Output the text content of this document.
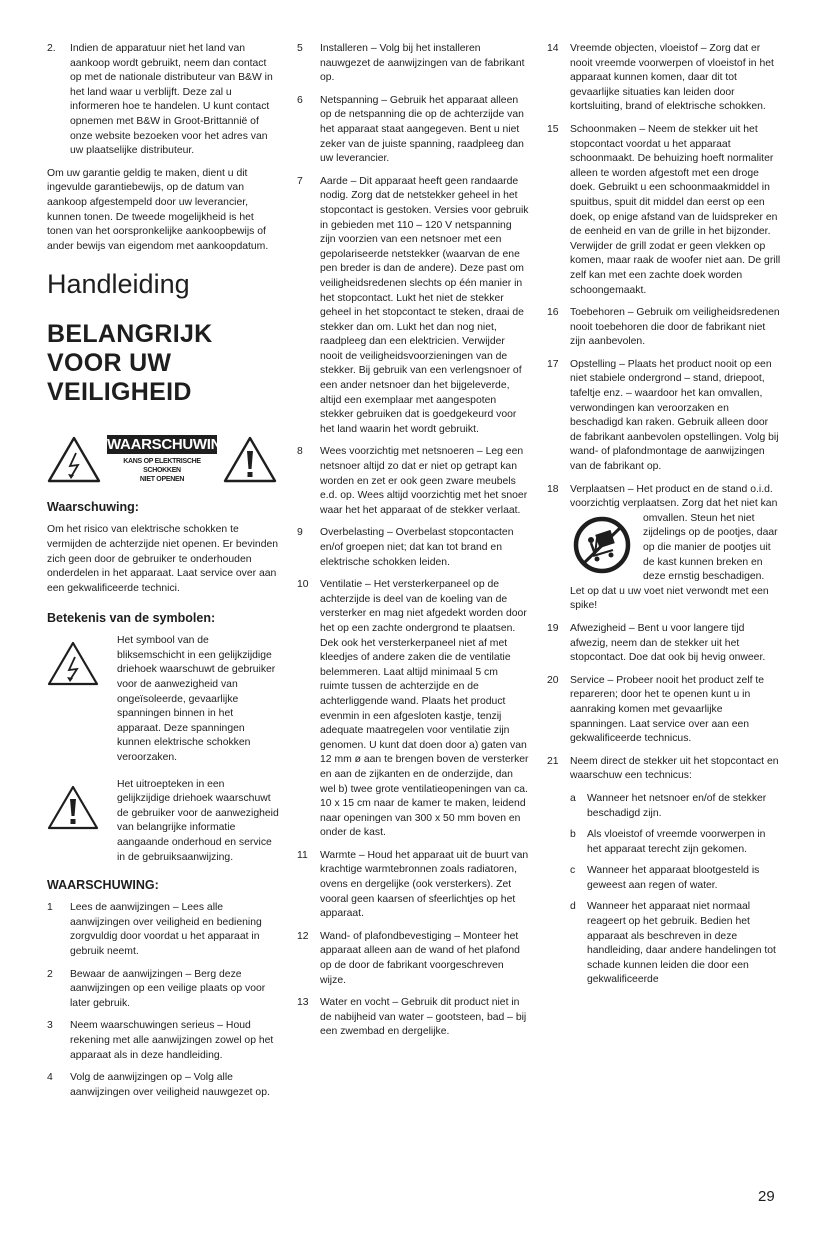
2.	Indien de apparatuur niet het land van aankoop wordt gebruikt, neem dan contact op met de nationale distributeur van B&W in het land waar u verblijft. Deze zal u informeren hoe te handelen. U kunt contact opnemen met B&W in Groot-Brittannië of onze website bezoeken voor het adres van uw plaatselijke distributeur.

Om uw garantie geldig te maken, dient u dit ingevulde garantiebewijs, op de datum van aankoop afgestempeld door uw leverancier, kunnen tonen. De tweede mogelijkheid is het tonen van het oorspronkelijke aankoopbewijs of ander bewijs van eigendom met aankoopdatum.

Handleiding
BELANGRIJK VOOR UW VEILIGHEID
WAARSCHUWING
KANS OP ELEKTRISCHE SCHOKKEN
NIET OPENEN
Waarschuwing:

Om het risico van elektrische schokken te vermijden de achterzijde niet openen. Er bevinden zich geen door de gebruiker te onderhouden onderdelen in het apparaat. Laat service over aan een gekwalificeerde technici.

Betekenis van de symbolen:
Het symbool van de bliksemschicht in een gelijkzijdige driehoek waarschuwt de gebruiker voor de aanwezigheid van ongeïsoleerde, gevaarlijke spanningen binnen in het apparaat. Deze spanningen kunnen elektrische schokken veroorzaken.
Het uitroepteken in een gelijkzijdige driehoek waarschuwt de gebruiker voor de aanwezigheid van belangrijke informatie aangaande onderhoud en service in de gebruiksaanwijzing.
WAARSCHUWING:
1	Lees de aanwijzingen – Lees alle aanwijzingen over veiligheid en bediening zorgvuldig door voordat u het apparaat in gebruik neemt.
2	Bewaar de aanwijzingen – Berg deze aanwijzingen op een veilige plaats op voor later gebruik.
3	Neem waarschuwingen serieus – Houd rekening met alle aanwijzingen zowel op het apparaat als in deze handleiding.
4	Volg de aanwijzingen op – Volg alle aanwijzingen over veiligheid nauwgezet op.
5	Installeren – Volg bij het installeren nauwgezet de aanwijzingen van de fabrikant op.
6	Netspanning – Gebruik het apparaat alleen op de netspanning die op de achterzijde van het apparaat staat aangegeven. Bent u niet zeker van de juiste spanning, raadpleeg dan uw leverancier.
7	Aarde – Dit apparaat heeft geen randaarde nodig. Zorg dat de netstekker geheel in het stopcontact is gestoken. Versies voor gebruik in gebieden met 110 – 120 V netspanning zijn voorzien van een netsnoer met een gepolariseerde netstekker (waarvan de ene pen breder is dan de andere). Deze past om veiligheidsredenen slechts op één manier in het stopcontact. Lukt het niet de stekker geheel in het stopcontact te steken, draai de stekker dan om. Lukt het dan nog niet, raadpleeg dan een elektricien. Verwijder nooit de veiligheidsvoorzieningen van de stekker. Bij gebruik van een verlengsnoer of een ander netsnoer dan het bijgeleverde, altijd een exemplaar met aangespoten stekker gebruiken dat is goedgekeurd voor het land waarin het wordt gebruikt.
8	Wees voorzichtig met netsnoeren – Leg een netsnoer altijd zo dat er niet op getrapt kan worden en zet er ook geen zware meubels e.d. op. Wees altijd voorzichtig met het snoer waar het het apparaat of de stekker verlaat.
9	Overbelasting – Overbelast stopcontacten en/of groepen niet; dat kan tot brand en elektrische schokken leiden.
10	Ventilatie – Het versterkerpaneel op de achterzijde is deel van de koeling van de versterker en mag niet afgedekt worden door het op een zachte ondergrond te plaatsen. Dek ook het versterkerpaneel niet af met kleedjes of andere zaken die de ventilatie belemmeren. Laat altijd minimaal 5 cm ruimte tussen de achterzijde en de achterliggende wand. Plaats het product evenmin in een afgesloten kastje, tenzij adequate maatregelen voor ventilatie zijn genomen. U kunt dat doen door a) gaten van 12 mm ø aan te brengen boven de versterker en aan de zijkanten en de onderzijde, dan wel b) twee grote ventilatieopeningen van ca. 10 x 15 cm naar de kamer te maken, leidend naar openingen van 300 x 50 mm boven en onder de kast.
11	Warmte – Houd het apparaat uit de buurt van krachtige warmtebronnen zoals radiatoren, ovens en dergelijke (ook versterkers). Zet vooral geen kaarsen of sfeerlichtjes op het apparaat.
12	Wand- of plafondbevestiging – Monteer het apparaat alleen aan de wand of het plafond op de door de fabrikant voorgeschreven wijze.
13	Water en vocht – Gebruik dit product niet in de nabijheid van water – gootsteen, bad – bij een zwembad en dergelijke.
14	Vreemde objecten, vloeistof – Zorg dat er nooit vreemde voorwerpen of vloeistof in het apparaat kunnen komen, daar dit tot gevaarlijke situaties kan leiden door kortsluiting, brand of elektrische schokken.
15	Schoonmaken – Neem de stekker uit het stopcontact voordat u het apparaat schoonmaakt. De behuizing hoeft normaliter alleen te worden afgestoft met een droge doek. Gebruikt u een schoonmaakmiddel in spuitbus, spuit dit middel dan eerst op een doek, op enige afstand van de luidspreker en de eenheid en van de grille in het bijzonder. Verwijder de grill zodat er geen vlekken op komen, maar raak de woofer niet aan. De grill zelf kan met een zachte doek worden schoongemaakt.
16	Toebehoren – Gebruik om veiligheidsredenen nooit toebehoren die door de fabrikant niet zijn aanbevolen.
17	Opstelling – Plaats het product nooit op een niet stabiele ondergrond – stand, driepoot, tafeltje enz. – waardoor het kan omvallen, verwondingen kan veroorzaken en beschadigd kan raken. Gebruik alleen door de fabrikant aanbevolen opstellingen. Volg bij wand- of plafondmontage de aanwijzingen van de fabrikant op.
18	Verplaatsen – Het product en de stand o.i.d. voorzichtig verplaatsen. Zorg dat het niet kan omvallen. Steun het niet zijdelings op de pootjes, daar op die manier de pootjes uit de kast kunnen breken en deze ernstig beschadigen. Let op dat u uw voet niet verwondt met een spike!
19	Afwezigheid – Bent u voor langere tijd afwezig, neem dan de stekker uit het stopcontact. Doe dat ook bij hevig onweer.
20	Service – Probeer nooit het product zelf te repareren; door het te openen kunt u in aanraking komen met gevaarlijke spanningen. Laat service over aan een gekwalificeerde technicus.
21	Neem direct de stekker uit het stopcontact en waarschuw een technicus:
a	Wanneer het netsnoer en/of de stekker beschadigd zijn.
b	Als vloeistof of vreemde voorwerpen in het apparaat terecht zijn gekomen.
c	Wanneer het apparaat blootgesteld is geweest aan regen of water.
d	Wanneer het apparaat niet normaal reageert op het gebruik. Bedien het apparaat als beschreven in deze handleiding, daar andere handelingen tot schade kunnen leiden die door een gekwalificeerde
29
